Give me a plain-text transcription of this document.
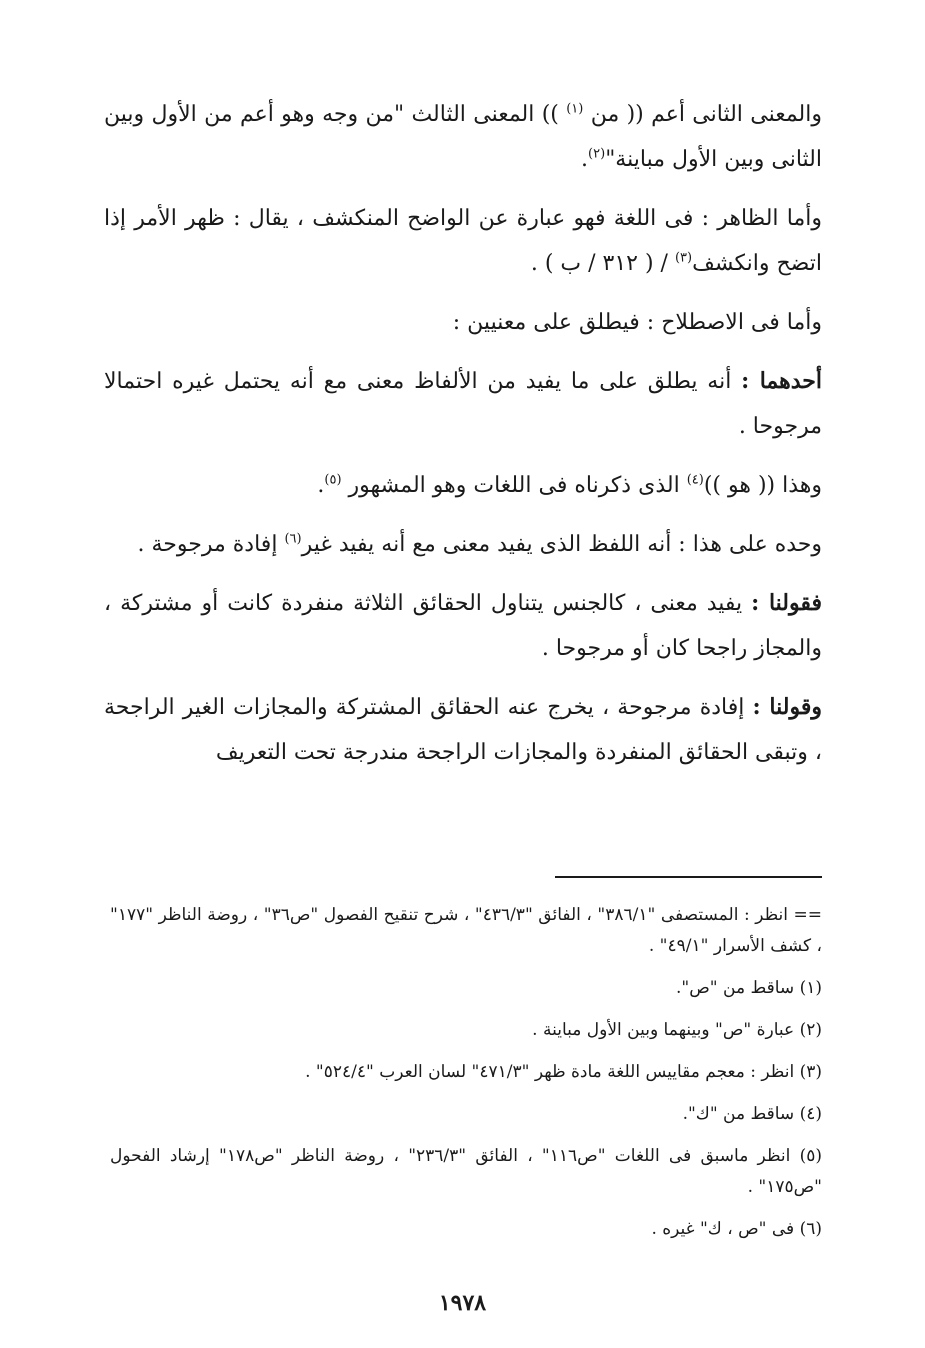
والمعنى الثانى أعم (( من $^{(١)}$ )) المعنى الثالث "من وجه وهو أعم من الأول وبين الثانى وبين الأول مباينة"$^{(٢)}$.

وأما الظاهر : فى اللغة فهو عبارة عن الواضح المنكشف ، يقال : ظهر الأمر إذا اتضح وانكشف$^{(٣)}$ / ( ٣١٢ / ب ) .

وأما فى الاصطلاح : فيطلق على معنيين :

أحدهما : أنه يطلق على ما يفيد من الألفاظ معنى مع أنه يحتمل غيره احتمالا مرجوحا .

وهذا (( هو ))$^{(٤)}$ الذى ذكرناه فى اللغات وهو المشهور $^{(٥)}$.

وحده على هذا : أنه اللفظ الذى يفيد معنى مع أنه يفيد غير$^{(٦)}$ إفادة مرجوحة .

فقولنا : يفيد معنى ، كالجنس يتناول الحقائق الثلاثة منفردة كانت أو مشتركة ، والمجاز راجحا كان أو مرجوحا .

وقولنا : إفادة مرجوحة ، يخرج عنه الحقائق المشتركة والمجازات الغير الراجحة ، وتبقى الحقائق المنفردة والمجازات الراجحة مندرجة تحت التعريف

== انظر : المستصفى "٣٨٦/١" ، الفائق "٤٣٦/٣" ، شرح تنقيح الفصول "ص٣٦" ، روضة الناظر "١٧٧" ، كشف الأسرار "٤٩/١" .

(١) ساقط من "ص".

(٢) عبارة "ص" وبينهما وبين الأول مباينة .

(٣) انظر : معجم مقاييس اللغة مادة ظهر "٤٧١/٣" لسان العرب "٥٢٤/٤" .

(٤) ساقط من "ك".

(٥) انظر ماسبق فى اللغات "ص١١٦" ، الفائق "٢٣٦/٣" ، روضة الناظر "ص١٧٨" إرشاد الفحول "ص١٧٥" .

(٦) فى "ص ، ك" غيره .

١٩٧٨
